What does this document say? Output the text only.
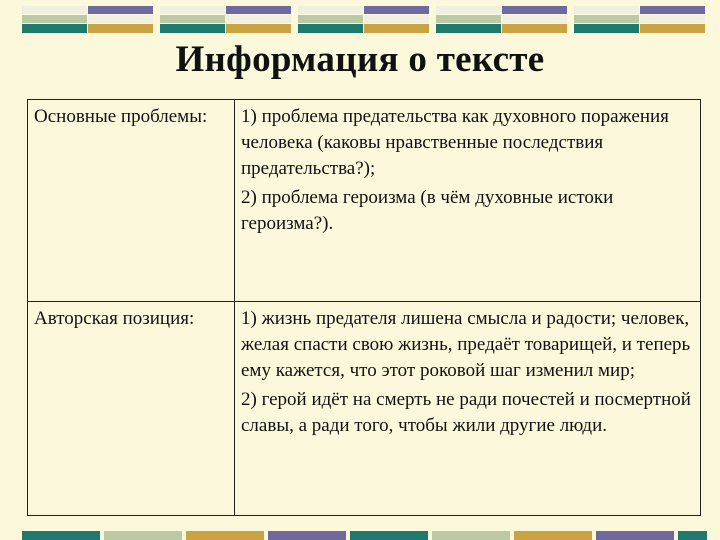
Информация о тексте
Основные проблемы:	1) проблема предательства как духовного поражения человека (каковы нравственные последствия предательства?);
2) проблема героизма (в чём духовные истоки героизма?).

Авторская позиция:	1) жизнь предателя лишена смысла и радости; человек, желая спасти свою жизнь, предаёт товарищей, и теперь ему кажется, что этот роковой шаг изменил мир;
2) герой идёт на смерть не ради почестей и посмертной славы, а ради того, чтобы жили другие люди.
